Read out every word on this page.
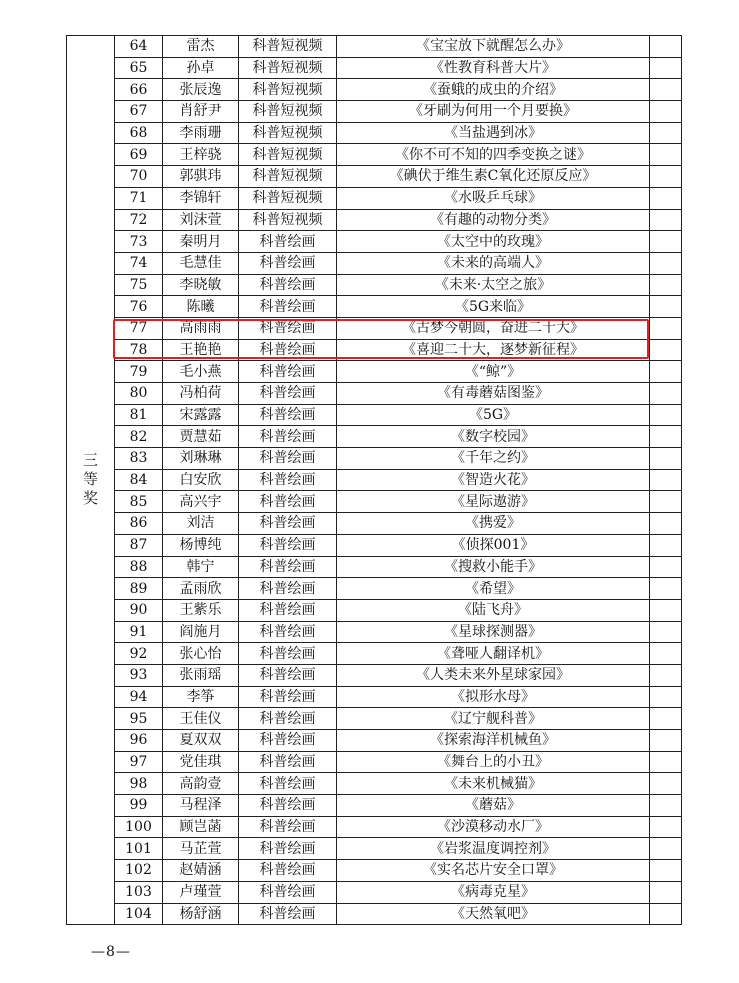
三等奖	64	雷杰	科普短视频	《宝宝放下就醒怎么办》	
	65	孙卓	科普短视频	《性教育科普大片》	
	66	张辰逸	科普短视频	《蚕蛾的成虫的介绍》	
	67	肖舒尹	科普短视频	《牙刷为何用一个月要换》	
	68	李雨珊	科普短视频	《当盐遇到冰》	
	69	王梓骁	科普短视频	《你不可不知的四季变换之谜》	
	70	郭骐玮	科普短视频	《碘伏于维生素C氧化还原反应》	
	71	李锦轩	科普短视频	《水吸乒乓球》	
	72	刘沫萱	科普短视频	《有趣的动物分类》	
	73	秦明月	科普绘画	《太空中的玫瑰》	
	74	毛慧佳	科普绘画	《未来的高端人》	
	75	李晓敏	科普绘画	《未来·太空之旅》	
	76	陈曦	科普绘画	《5G来临》	
	77	高雨雨	科普绘画	《古梦今朝圆，奋进二十大》	
	78	王艳艳	科普绘画	《喜迎二十大，逐梦新征程》	
	79	毛小燕	科普绘画	《“鲸”》	
	80	冯柏荷	科普绘画	《有毒蘑菇图鉴》	
	81	宋露露	科普绘画	《5G》	
	82	贾慧茹	科普绘画	《数字校园》	
	83	刘琳琳	科普绘画	《千年之约》	
	84	白安欣	科普绘画	《智造火花》	
	85	高兴宇	科普绘画	《星际遨游》	
	86	刘洁	科普绘画	《携爱》	
	87	杨博纯	科普绘画	《侦探001》	
	88	韩宁	科普绘画	《搜救小能手》	
	89	孟雨欣	科普绘画	《希望》	
	90	王紫乐	科普绘画	《陆飞舟》	
	91	阎施月	科普绘画	《星球探测器》	
	92	张心怡	科普绘画	《聋哑人翻译机》	
	93	张雨瑶	科普绘画	《人类未来外星球家园》	
	94	李筝	科普绘画	《拟形水母》	
	95	王佳仪	科普绘画	《辽宁舰科普》	
	96	夏双双	科普绘画	《探索海洋机械鱼》	
	97	党佳琪	科普绘画	《舞台上的小丑》	
	98	高韵壹	科普绘画	《未来机械猫》	
	99	马程泽	科普绘画	《蘑菇》	
	100	顾岂菡	科普绘画	《沙漠移动水厂》	
	101	马芷萱	科普绘画	《岩浆温度调控剂》	
	102	赵婧涵	科普绘画	《实名芯片安全口罩》	
	103	卢瑾萱	科普绘画	《病毒克星》	
	104	杨舒涵	科普绘画	《天然氧吧》	
—8—
